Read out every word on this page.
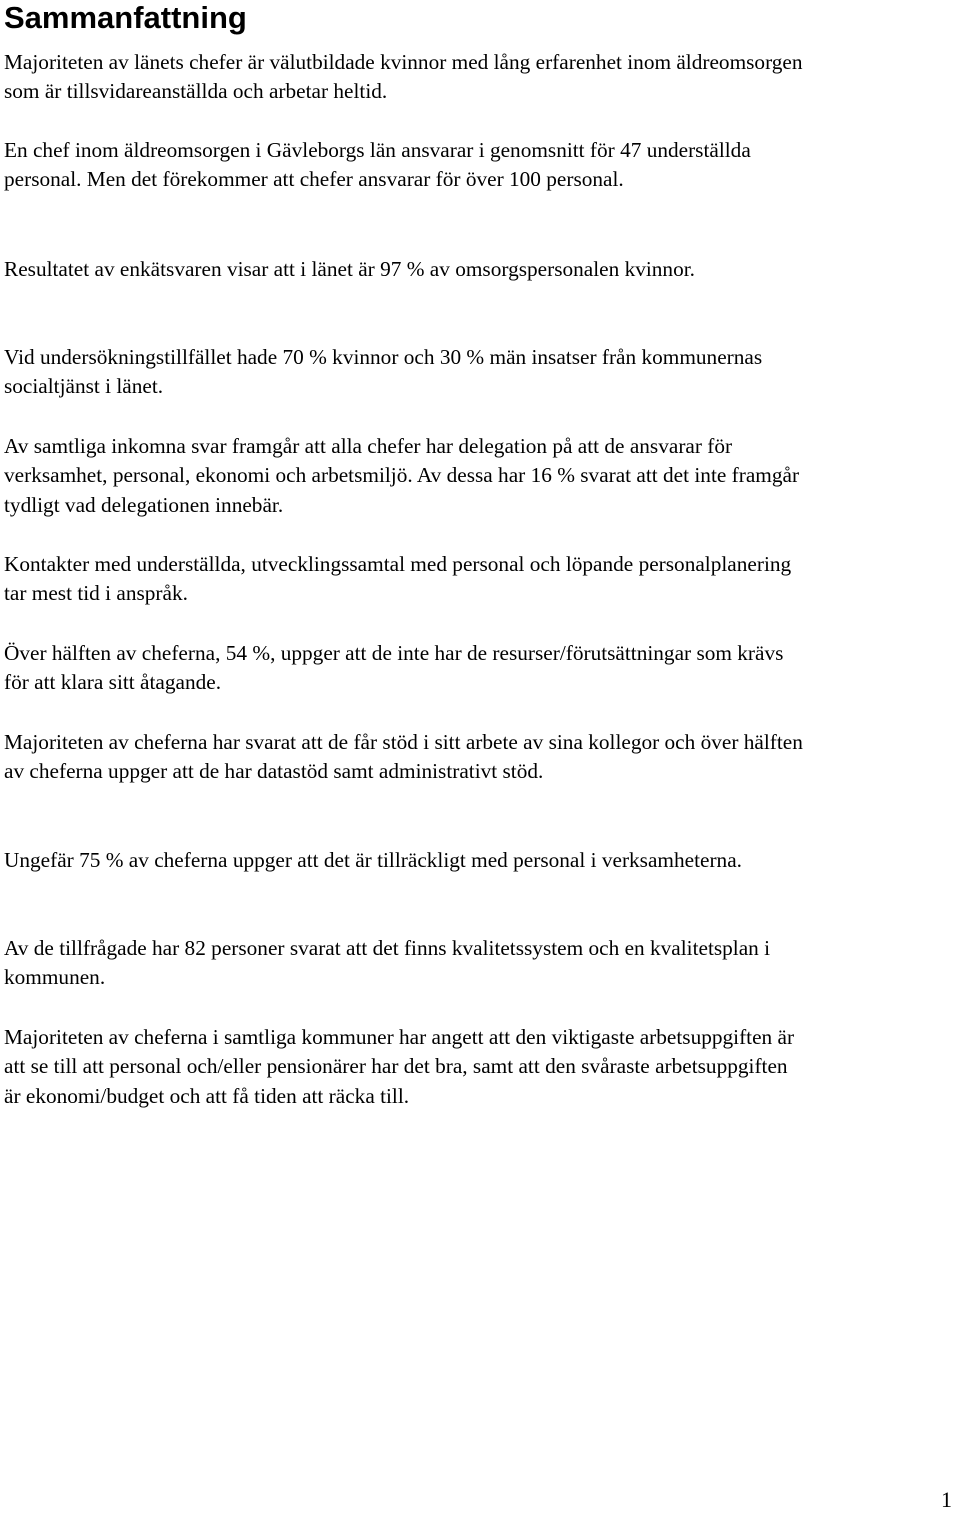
Sammanfattning

Majoriteten av länets chefer är välutbildade kvinnor med lång erfarenhet inom äldreomsorgen som är tillsvidareanställda och arbetar heltid.

En chef inom äldreomsorgen i Gävleborgs län ansvarar i genomsnitt för 47 underställda personal. Men det förekommer att chefer ansvarar för över 100 personal.

Resultatet av enkätsvaren visar att i länet är 97 % av omsorgspersonalen kvinnor.

Vid undersökningstillfället hade 70 % kvinnor och 30 % män insatser från kommunernas socialtjänst i länet.

Av samtliga inkomna svar framgår att alla chefer har delegation på att de ansvarar för verksamhet, personal, ekonomi och arbetsmiljö. Av dessa har 16 % svarat att det inte framgår tydligt vad delegationen innebär.

Kontakter med underställda, utvecklingssamtal med personal och löpande personalplanering tar mest tid i anspråk.

Över hälften av cheferna, 54 %, uppger att de inte har de resurser/förutsättningar som krävs för att klara sitt åtagande.

Majoriteten av cheferna har svarat att de får stöd i sitt arbete av sina kollegor och över hälften av cheferna uppger att de har datastöd samt administrativt stöd.

Ungefär 75 % av cheferna uppger att det är tillräckligt med personal i verksamheterna.

Av de tillfrågade har 82 personer svarat att det finns kvalitetssystem och en kvalitetsplan i kommunen.

Majoriteten av cheferna i samtliga kommuner har angett att den viktigaste arbetsuppgiften är att se till att personal och/eller pensionärer har det bra, samt att den svåraste arbetsuppgiften är ekonomi/budget och att få tiden att räcka till.

1
